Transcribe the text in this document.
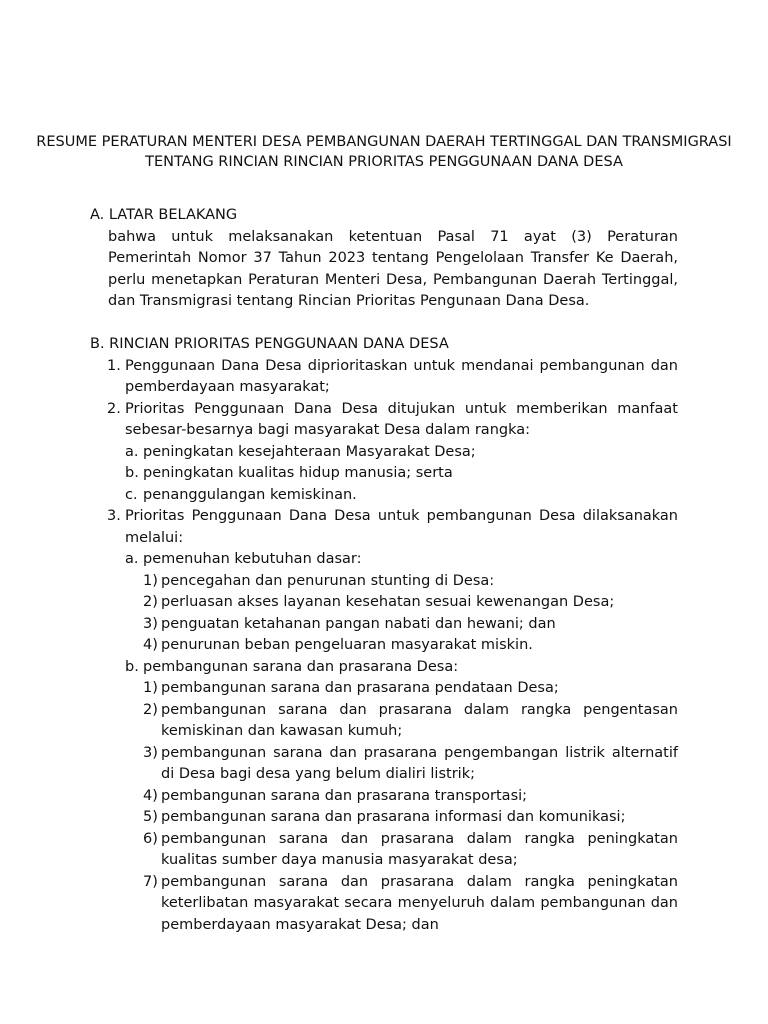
RESUME PERATURAN MENTERI DESA PEMBANGUNAN DAERAH TERTINGGAL DAN TRANSMIGRASI
TENTANG RINCIAN RINCIAN PRIORITAS PENGGUNAAN DANA DESA
A. LATAR BELAKANG
bahwa untuk melaksanakan ketentuan Pasal 71 ayat (3) Peraturan Pemerintah Nomor 37 Tahun 2023 tentang Pengelolaan Transfer Ke Daerah, perlu menetapkan Peraturan Menteri Desa, Pembangunan Daerah Tertinggal, dan Transmigrasi tentang Rincian Prioritas Pengunaan Dana Desa.
B. RINCIAN PRIORITAS PENGGUNAAN DANA DESA
1. Penggunaan Dana Desa diprioritaskan untuk mendanai pembangunan dan pemberdayaan masyarakat;
2. Prioritas Penggunaan Dana Desa ditujukan untuk memberikan manfaat sebesar-besarnya bagi masyarakat Desa dalam rangka:
a. peningkatan kesejahteraan Masyarakat Desa;
b. peningkatan kualitas hidup manusia; serta
c. penanggulangan kemiskinan.
3. Prioritas Penggunaan Dana Desa untuk pembangunan Desa dilaksanakan melalui:
a. pemenuhan kebutuhan dasar:
1) pencegahan dan penurunan stunting di Desa:
2) perluasan akses layanan kesehatan sesuai kewenangan Desa;
3) penguatan ketahanan pangan nabati dan hewani; dan
4) penurunan beban pengeluaran masyarakat miskin.
b. pembangunan sarana dan prasarana Desa:
1) pembangunan sarana dan prasarana pendataan Desa;
2) pembangunan sarana dan prasarana dalam rangka pengentasan kemiskinan dan kawasan kumuh;
3) pembangunan sarana dan prasarana pengembangan listrik alternatif di Desa bagi desa yang belum dialiri listrik;
4) pembangunan sarana dan prasarana transportasi;
5) pembangunan sarana dan prasarana informasi dan komunikasi;
6) pembangunan sarana dan prasarana dalam rangka peningkatan kualitas sumber daya manusia masyarakat desa;
7) pembangunan sarana dan prasarana dalam rangka peningkatan keterlibatan masyarakat secara menyeluruh dalam pembangunan dan pemberdayaan masyarakat Desa; dan
